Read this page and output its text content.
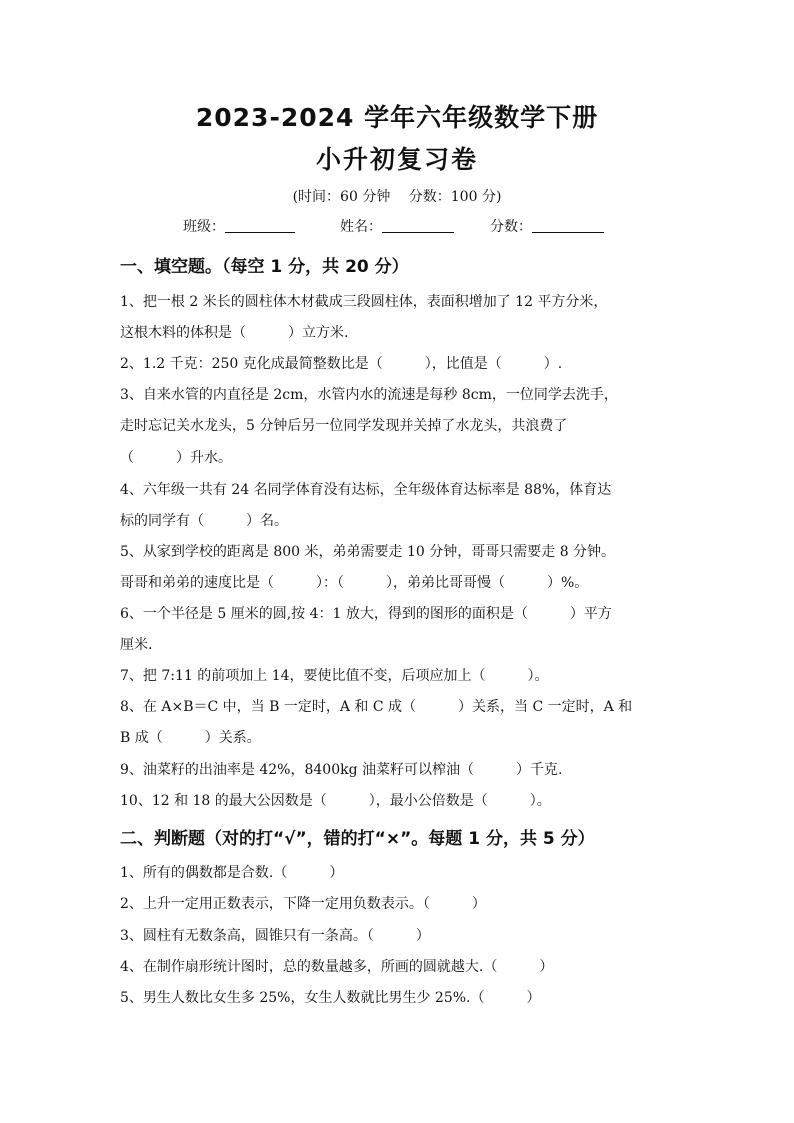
2023-2024 学年六年级数学下册
小升初复习卷
(时间：60 分钟　 分数：100 分)
班级：	姓名：	分数：
一、填空题。（每空 1 分，共 20 分）
1、把一根 2 米长的圆柱体木材截成三段圆柱体，表面积增加了 12 平方分米，
这根木料的体积是（　　　）立方米.
2、1.2 千克：250 克化成最简整数比是（　　　），比值是（　　　）.
3、自来水管的内直径是 2cm，水管内水的流速是每秒 8cm，一位同学去洗手，
走时忘记关水龙头，5 分钟后另一位同学发现并关掉了水龙头，共浪费了
（　　　）升水。
4、六年级一共有 24 名同学体育没有达标，全年级体育达标率是 88%，体育达
标的同学有（　　　）名。
5、从家到学校的距离是 800 米，弟弟需要走 10 分钟，哥哥只需要走 8 分钟。
哥哥和弟弟的速度比是（　　　）：（　　　），弟弟比哥哥慢（　　　）%。
6、一个半径是 5 厘米的圆,按 4：1 放大，得到的图形的面积是（　　　）平方
厘米.
7、把 7:11 的前项加上 14，要使比值不变，后项应加上（　　　）。
8、在 A×B＝C 中，当 B 一定时，A 和 C 成（　　　）关系，当 C 一定时，A 和
B 成（　　　）关系。
9、油菜籽的出油率是 42%，8400kg 油菜籽可以榨油（　　　）千克.
10、12 和 18 的最大公因数是（　　　），最小公倍数是（　　　）。
二、判断题（对的打“√”，错的打“×”。每题 1 分，共 5 分）
1、所有的偶数都是合数.（　　　）
2、上升一定用正数表示，下降一定用负数表示。（　　　）
3、圆柱有无数条高，圆锥只有一条高。（　　　）
4、在制作扇形统计图时，总的数量越多，所画的圆就越大.（　　　）
5、男生人数比女生多 25%，女生人数就比男生少 25%.（　　　）
